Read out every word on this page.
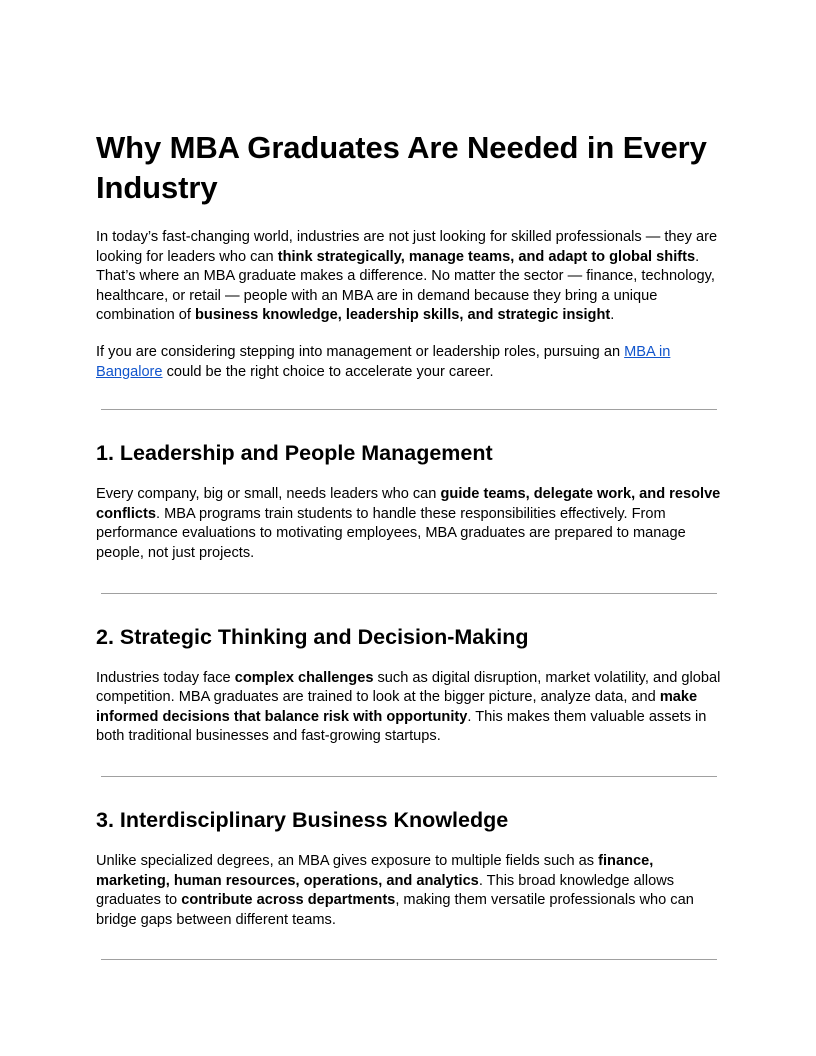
Why MBA Graduates Are Needed in Every Industry

In today’s fast-changing world, industries are not just looking for skilled professionals — they are looking for leaders who can think strategically, manage teams, and adapt to global shifts. That’s where an MBA graduate makes a difference. No matter the sector — finance, technology, healthcare, or retail — people with an MBA are in demand because they bring a unique combination of business knowledge, leadership skills, and strategic insight.

If you are considering stepping into management or leadership roles, pursuing an MBA in Bangalore could be the right choice to accelerate your career.

1. Leadership and People Management

Every company, big or small, needs leaders who can guide teams, delegate work, and resolve conflicts. MBA programs train students to handle these responsibilities effectively. From performance evaluations to motivating employees, MBA graduates are prepared to manage people, not just projects.

2. Strategic Thinking and Decision-Making

Industries today face complex challenges such as digital disruption, market volatility, and global competition. MBA graduates are trained to look at the bigger picture, analyze data, and make informed decisions that balance risk with opportunity. This makes them valuable assets in both traditional businesses and fast-growing startups.

3. Interdisciplinary Business Knowledge

Unlike specialized degrees, an MBA gives exposure to multiple fields such as finance, marketing, human resources, operations, and analytics. This broad knowledge allows graduates to contribute across departments, making them versatile professionals who can bridge gaps between different teams.
